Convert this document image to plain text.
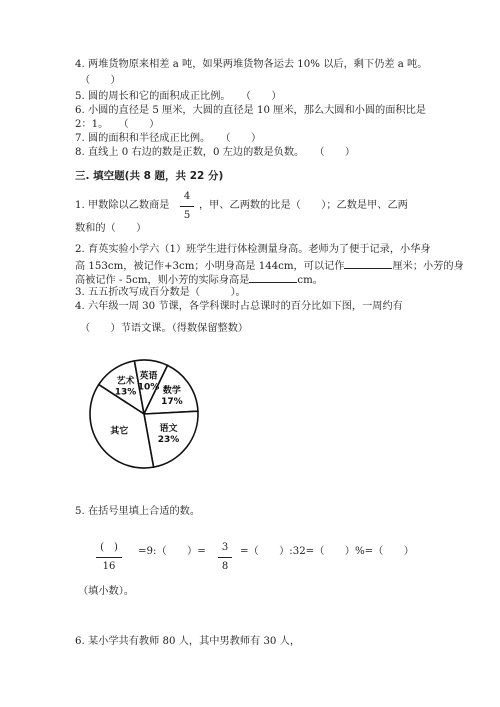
4. 两堆货物原来相差 a 吨，如果两堆货物各运去 10% 以后，剩下仍差 a 吨。
（　　）
5. 圆的周长和它的面积成正比例。　　（　　）
6. 小圆的直径是 5 厘米，大圆的直径是 10 厘米，那么大圆和小圆的面积比是
2：1。　　（　　）
7. 圆的面积和半径成正比例。　　（　　）
8. 直线上 0 右边的数是正数，0 左边的数是负数。　　（　　）
三. 填空题(共 8 题，共 22 分)
1. 甲数除以乙数商是
4
5
，甲、乙两数的比是（　　）；乙数是甲、乙两
数和的（　　）
2. 育英实验小学六（1）班学生进行体检测量身高。老师为了便于记录，小华身
高 153cm，被记作+3cm；小明身高是 144cm，可以记作	厘米；小芳的身
高被记作 - 5cm，则小芳的实际身高是	cm。
3. 五五折改写成百分数是（　　　）。
4. 六年级一周 30 节课，各学科课时占总课时的百分比如下图，一周约有
（　　）节语文课。（得数保留整数）
艺术 13%
英语 10% 数学 17%
语文 23%
其它
5. 在括号里填上合适的数。
(　)
16
=9:（　　）=	3
8
=（　　）:32=（　　）%=（　　）
（填小数）。
6. 某小学共有教师 80 人，其中男教师有 30 人，
